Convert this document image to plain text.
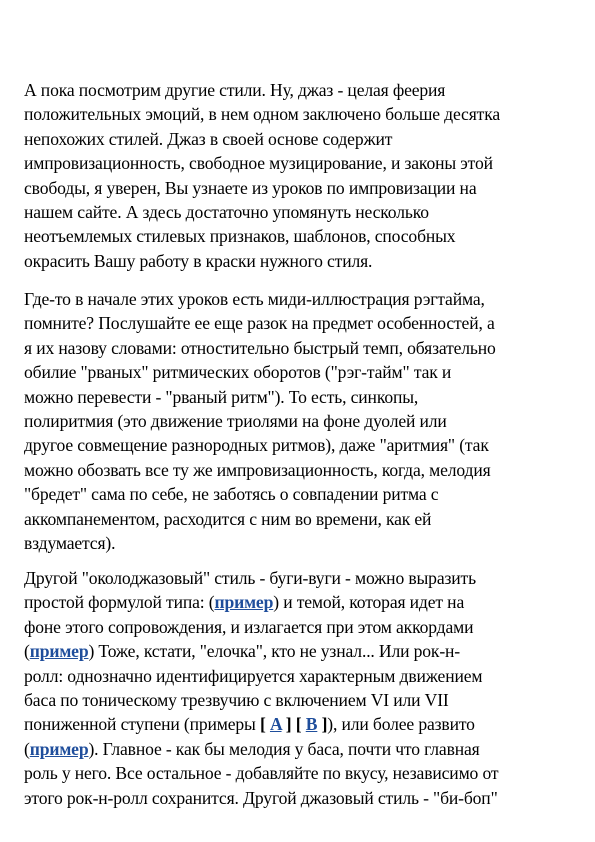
А пока посмотрим другие стили. Ну, джаз - целая феерия
положительных эмоций, в нем одном заключено больше десятка
непохожих стилей. Джаз в своей основе содержит
импровизационность, свободное музицирование, и законы этой
свободы, я уверен, Вы узнаете из уроков по импровизации на
нашем сайте. А здесь достаточно упомянуть несколько
неотъемлемых стилевых признаков, шаблонов, способных
окрасить Вашу работу в краски нужного стиля.

Где-то в начале этих уроков есть миди-иллюстрация рэгтайма,
помните? Послушайте ее еще разок на предмет особенностей, а
я их назову словами: отностительно быстрый темп, обязательно
обилие "рваных" ритмических оборотов ("рэг-тайм" так и
можно перевести - "рваный ритм"). То есть, синкопы,
полиритмия (это движение триолями на фоне дуолей или
другое совмещение разнородных ритмов), даже "аритмия" (так
можно обозвать все ту же импровизационность, когда, мелодия
"бредет" сама по себе, не заботясь о совпадении ритма с
аккомпанементом, расходится с ним во времени, как ей
вздумается).

Другой "околоджазовый" стиль - буги-вуги - можно выразить
простой формулой типа: (пример) и темой, которая идет на
фоне этого сопровождения, и излагается при этом аккордами
(пример) Тоже, кстати, "елочка", кто не узнал... Или рок-н-
ролл: однозначно идентифицируется характерным движением
баса по тоническому трезвучию с включением VI или VII
пониженной ступени (примеры [ A ] [ B ]), или более развито
(пример). Главное - как бы мелодия у баса, почти что главная
роль у него. Все остальное - добавляйте по вкусу, независимо от
этого рок-н-ролл сохранится. Другой джазовый стиль - "би-боп"
